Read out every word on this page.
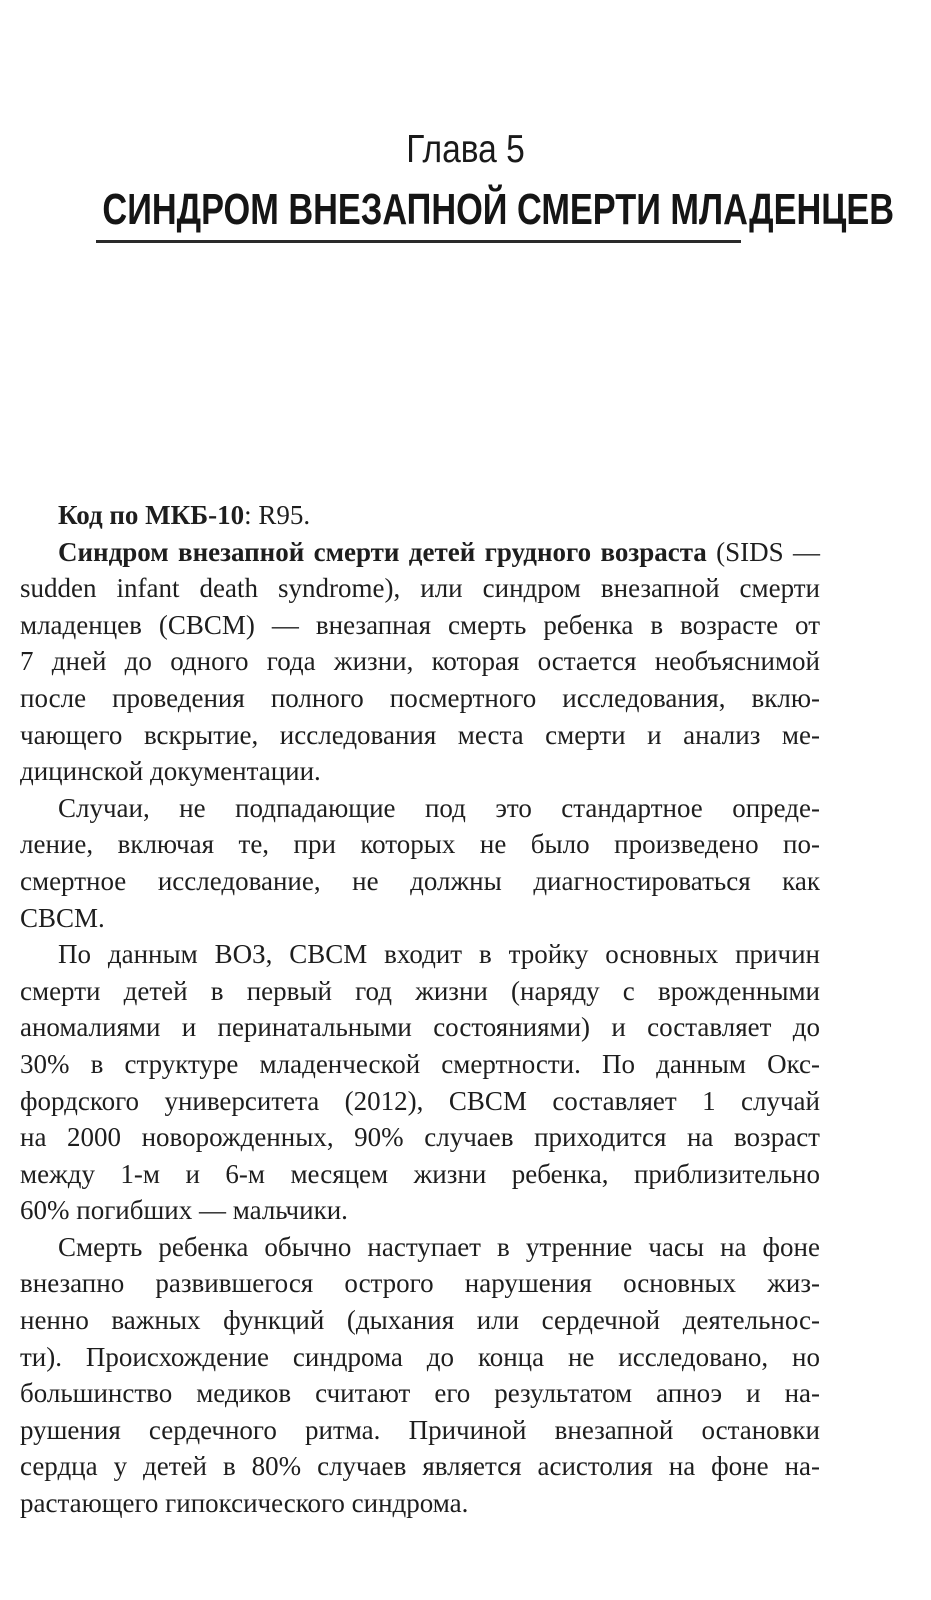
Глава 5
СИНДРОМ ВНЕЗАПНОЙ СМЕРТИ МЛАДЕНЦЕВ
Код по МКБ-10: R95.
Синдром внезапной смерти детей грудного возраста (SIDS —
sudden infant death syndrome), или синдром внезапной смерти
младенцев (СВСМ) — внезапная смерть ребенка в возрасте от
7 дней до одного года жизни, которая остается необъяснимой
после проведения полного посмертного исследования, вклю-
чающего вскрытие, исследования места смерти и анализ ме-
дицинской документации.
Случаи, не подпадающие под это стандартное опреде-
ление, включая те, при которых не было произведено по-
смертное исследование, не должны диагностироваться как
СВСМ.
По данным ВОЗ, СВСМ входит в тройку основных причин
смерти детей в первый год жизни (наряду с врожденными
аномалиями и перинатальными состояниями) и составляет до
30% в структуре младенческой смертности. По данным Окс-
фордского университета (2012), СВСМ составляет 1 случай
на 2000 новорожденных, 90% случаев приходится на возраст
между 1-м и 6-м месяцем жизни ребенка, приблизительно
60% погибших — мальчики.
Смерть ребенка обычно наступает в утренние часы на фоне
внезапно развившегося острого нарушения основных жиз-
ненно важных функций (дыхания или сердечной деятельнос-
ти). Происхождение синдрома до конца не исследовано, но
большинство медиков считают его результатом апноэ и на-
рушения сердечного ритма. Причиной внезапной остановки
сердца у детей в 80% случаев является асистолия на фоне на-
растающего гипоксического синдрома.
